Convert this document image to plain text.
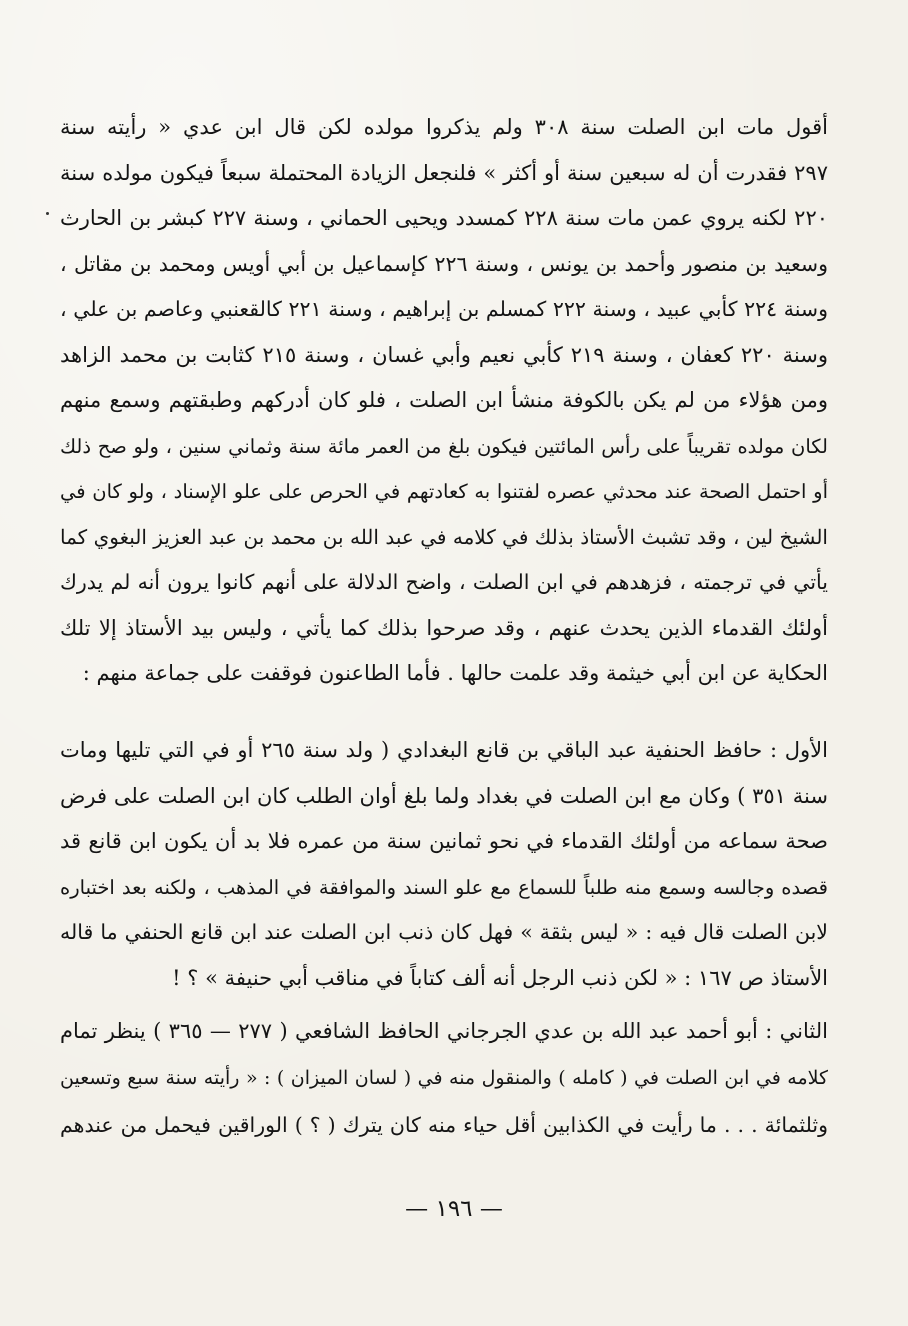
أقول مات ابن الصلت سنة ٣٠٨ ولم يذكروا مولده لكن قال ابن عدي « رأيته سنة
٢٩٧ فقدرت أن له سبعين سنة أو أكثر » فلنجعل الزيادة المحتملة سبعاً فيكون مولده سنة
٢٢٠ لكنه يروي عمن مات سنة ٢٢٨ كمسدد ويحيى الحماني ، وسنة ٢٢٧ كبشر بن الحارث
وسعيد بن منصور وأحمد بن يونس ، وسنة ٢٢٦ كإسماعيل بن أبي أويس ومحمد بن مقاتل ،
وسنة ٢٢٤ كأبي عبيد ، وسنة ٢٢٢ كمسلم بن إبراهيم ، وسنة ٢٢١ كالقعنبي وعاصم بن علي ،
وسنة ٢٢٠ كعفان ، وسنة ٢١٩ كأبي نعيم وأبي غسان ، وسنة ٢١٥ كثابت بن محمد الزاهد
ومن هؤلاء من لم يكن بالكوفة منشأ ابن الصلت ، فلو كان أدركهم وطبقتهم وسمع منهم
لكان مولده تقريباً على رأس المائتين فيكون بلغ من العمر مائة سنة وثماني سنين ، ولو صح ذلك
أو احتمل الصحة عند محدثي عصره لفتنوا به كعادتهم في الحرص على علو الإسناد ، ولو كان في
الشيخ لين ، وقد تشبث الأستاذ بذلك في كلامه في عبد الله بن محمد بن عبد العزيز البغوي كما
يأتي في ترجمته ، فزهدهم في ابن الصلت ، واضح الدلالة على أنهم كانوا يرون أنه لم يدرك
أولئك القدماء الذين يحدث عنهم ، وقد صرحوا بذلك كما يأتي ، وليس بيد الأستاذ إلا تلك
الحكاية عن ابن أبي خيثمة وقد علمت حالها . فأما الطاعنون فوقفت على جماعة منهم :
الأول : حافظ الحنفية عبد الباقي بن قانع البغدادي ( ولد سنة ٢٦٥ أو في التي تليها ومات
سنة ٣٥١ ) وكان مع ابن الصلت في بغداد ولما بلغ أوان الطلب كان ابن الصلت على فرض
صحة سماعه من أولئك القدماء في نحو ثمانين سنة من عمره فلا بد أن يكون ابن قانع قد
قصده وجالسه وسمع منه طلباً للسماع مع علو السند والموافقة في المذهب ، ولكنه بعد اختباره
لابن الصلت قال فيه : « ليس بثقة » فهل كان ذنب ابن الصلت عند ابن قانع الحنفي ما قاله
الأستاذ ص ١٦٧ : « لكن ذنب الرجل أنه ألف كتاباً في مناقب أبي حنيفة » ؟ !
الثاني : أبو أحمد عبد الله بن عدي الجرجاني الحافظ الشافعي ( ٢٧٧ — ٣٦٥ ) ينظر تمام
كلامه في ابن الصلت في ( كامله ) والمنقول منه في ( لسان الميزان ) : « رأيته سنة سبع وتسعين
وثلثمائة . . . ما رأيت في الكذابين أقل حياء منه كان يترك ( ؟ ) الوراقين فيحمل من عندهم
— ١٩٦ —
